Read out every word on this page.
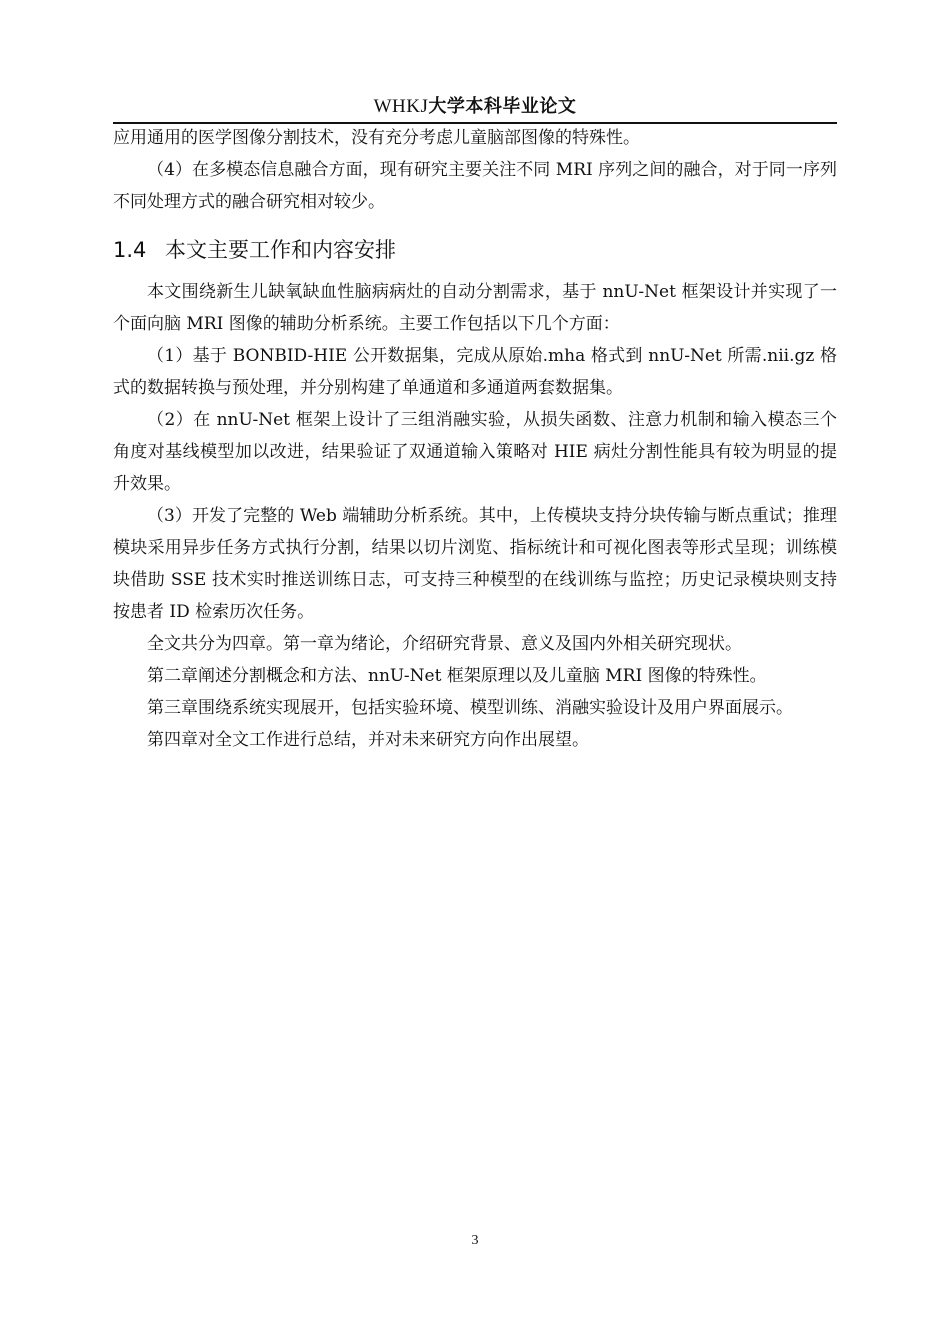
WHKJ大学本科毕业论文

应用通用的医学图像分割技术，没有充分考虑儿童脑部图像的特殊性。

（4）在多模态信息融合方面，现有研究主要关注不同 MRI 序列之间的融合，对于同一序列不同处理方式的融合研究相对较少。

1.4 本文主要工作和内容安排

本文围绕新生儿缺氧缺血性脑病病灶的自动分割需求，基于 nnU-Net 框架设计并实现了一个面向脑 MRI 图像的辅助分析系统。主要工作包括以下几个方面：

（1）基于 BONBID-HIE 公开数据集，完成从原始.mha 格式到 nnU-Net 所需.nii.gz 格式的数据转换与预处理，并分别构建了单通道和多通道两套数据集。

（2）在 nnU-Net 框架上设计了三组消融实验，从损失函数、注意力机制和输入模态三个角度对基线模型加以改进，结果验证了双通道输入策略对 HIE 病灶分割性能具有较为明显的提升效果。

（3）开发了完整的 Web 端辅助分析系统。其中，上传模块支持分块传输与断点重试；推理模块采用异步任务方式执行分割，结果以切片浏览、指标统计和可视化图表等形式呈现；训练模块借助 SSE 技术实时推送训练日志，可支持三种模型的在线训练与监控；历史记录模块则支持按患者 ID 检索历次任务。

全文共分为四章。第一章为绪论，介绍研究背景、意义及国内外相关研究现状。

第二章阐述分割概念和方法、nnU-Net 框架原理以及儿童脑 MRI 图像的特殊性。

第三章围绕系统实现展开，包括实验环境、模型训练、消融实验设计及用户界面展示。

第四章对全文工作进行总结，并对未来研究方向作出展望。

3
